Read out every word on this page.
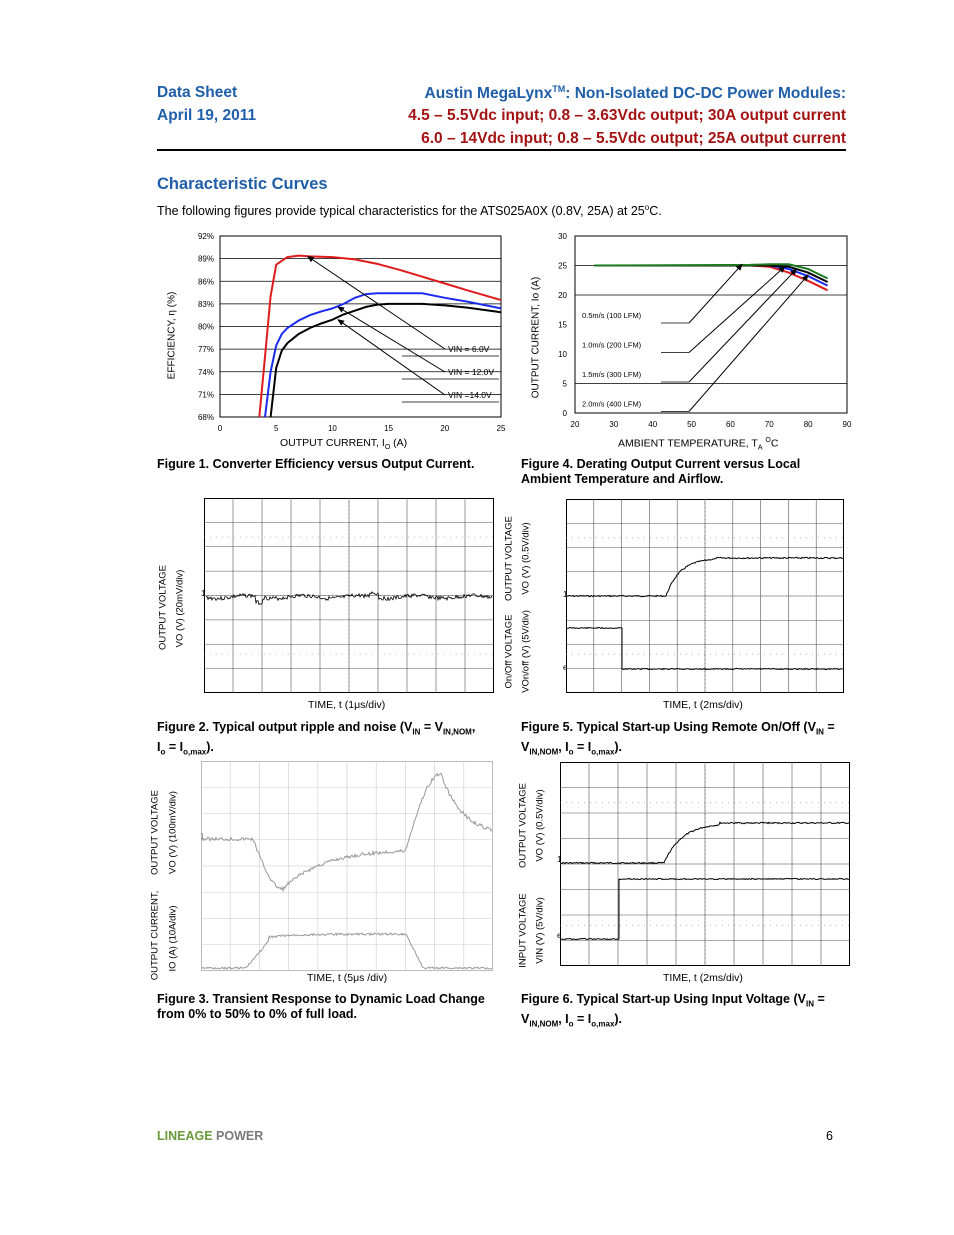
Data Sheet
April 19, 2011
Austin MegaLynx™: Non-Isolated DC-DC Power Modules:
4.5 – 5.5Vdc input; 0.8 – 3.63Vdc output; 30A output current
6.0 – 14Vdc input; 0.8 – 5.5Vdc output; 25A output current
Characteristic Curves
The following figures provide typical characteristics for the ATS025A0X (0.8V, 25A) at 25$^o$C.
92%
89%
86%
83%
80%
77%
74%
71%
68%
0	5	10	15	20	25
VIN = 6.0V
VIN = 12.0V
VIN =14.0V
OUTPUT CURRENT, $I_O$ (A)
EFFICIENCY, η (%)
Figure 1. Converter Efficiency versus Output Current.
30
25
20
15
10
5
0
20	30	40	50	60	70	80	90
0.5m/s (100 LFM)
1.0m/s (200 LFM)
1.5m/s (300 LFM)
2.0m/s (400 LFM)
AMBIENT TEMPERATURE, $T_A$ $^O$C
OUTPUT CURRENT, Io (A)
Figure 4. Derating Output Current versus Local
Ambient Temperature and Airflow.
1
OUTPUT VOLTAGE VO (V) (20mV/div)
TIME, t (1μs/div)
Figure 2. Typical output ripple and noise ($V_{IN} = V_{IN,NOM}$,
$I_o = I_{o,max}$).
1
e
OUTPUT VOLTAGE VO (V) (0.5V/div)
On/Off VOLTAGE VOn/off (V) (5V/div)
TIME, t (2ms/div)
Figure 5. Typical Start-up Using Remote On/Off ($V_{IN}$ =
$V_{IN,NOM}$, $I_o = I_{o,max}$).
1
OUTPUT VOLTAGE VO (V) (100mV/div)
OUTPUT CURRENT, IO (A) (10A/div)
TIME, t (5μs /div)
Figure 3. Transient Response to Dynamic Load Change
from 0% to 50% to 0% of full load.
1
e
OUTPUT VOLTAGE VO (V) (0.5V/div)
INPUT VOLTAGE VIN (V) (5V/div)
TIME, t (2ms/div)
Figure 6. Typical Start-up Using Input Voltage ($V_{IN}$ =
$V_{IN,NOM}$, $I_o = I_{o,max}$).
LINEAGE POWER	6
